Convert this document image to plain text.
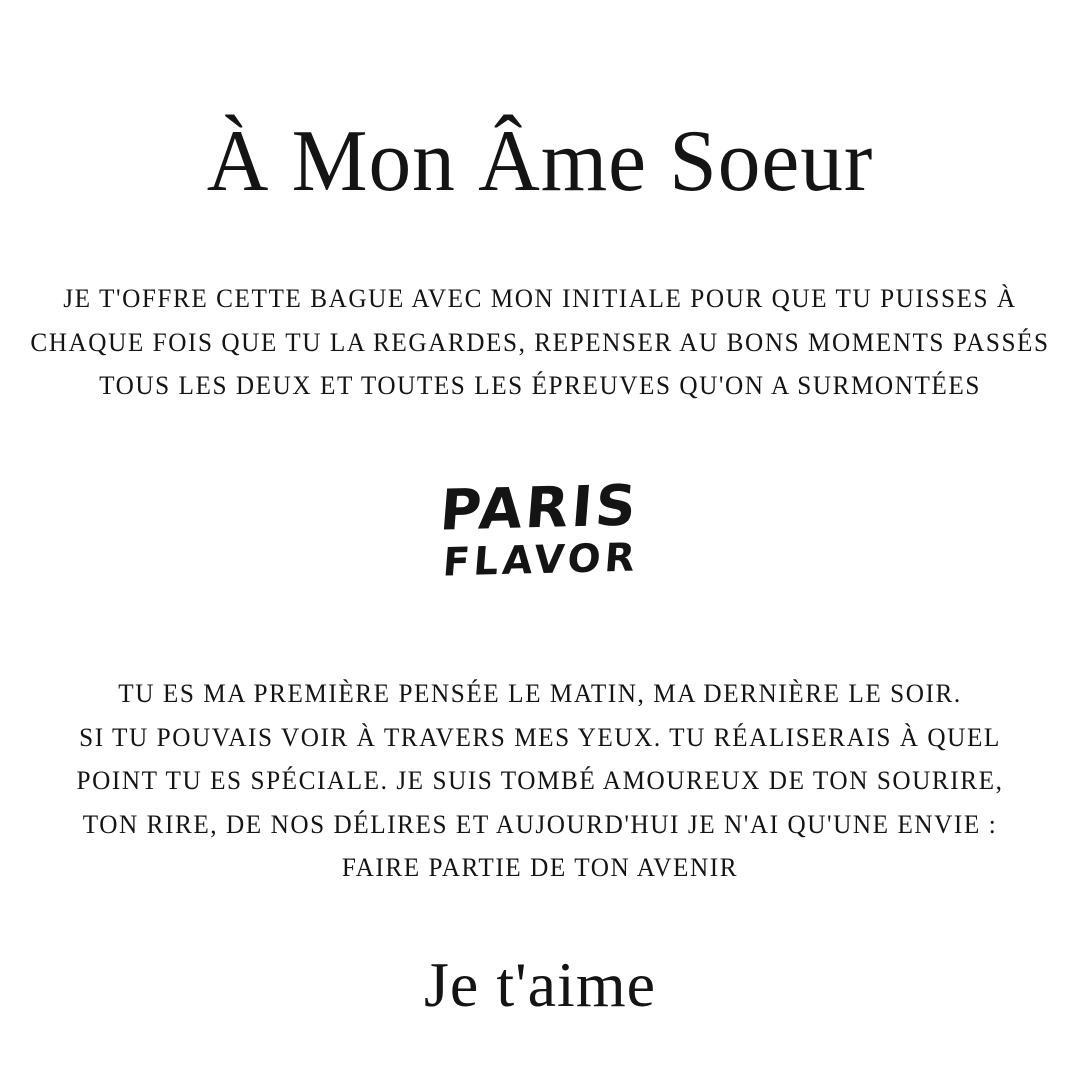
À Mon Âme Soeur
JE T'OFFRE CETTE BAGUE AVEC MON INITIALE POUR QUE TU PUISSES À
CHAQUE FOIS QUE TU LA REGARDES, REPENSER AU BONS MOMENTS PASSÉS
TOUS LES DEUX ET TOUTES LES ÉPREUVES QU'ON A SURMONTÉES
PARIS
FLAVOR
TU ES MA PREMIÈRE PENSÉE LE MATIN, MA DERNIÈRE LE SOIR.
SI TU POUVAIS VOIR À TRAVERS MES YEUX. TU RÉALISERAIS À QUEL
POINT TU ES SPÉCIALE. JE SUIS TOMBÉ AMOUREUX DE TON SOURIRE,
TON RIRE, DE NOS DÉLIRES ET AUJOURD'HUI JE N'AI QU'UNE ENVIE :
FAIRE PARTIE DE TON AVENIR
Je t'aime
